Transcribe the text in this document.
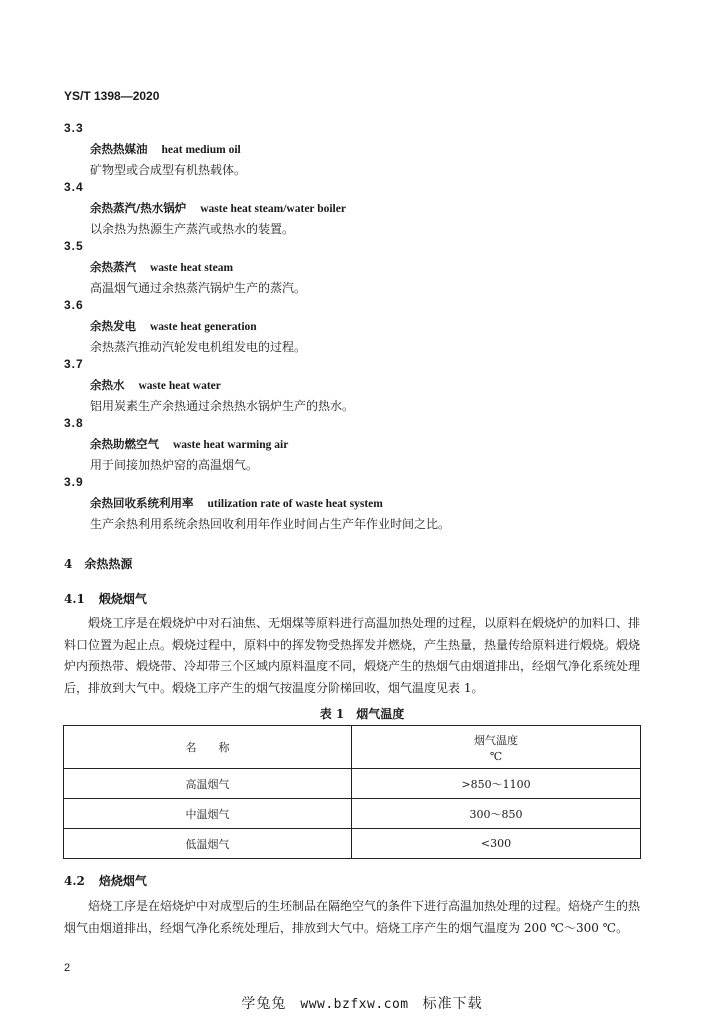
YS/T 1398—2020
3.3
余热热媒油 heat medium oil
矿物型或合成型有机热载体。
3.4
余热蒸汽/热水锅炉 waste heat steam/water boiler
以余热为热源生产蒸汽或热水的装置。
3.5
余热蒸汽 waste heat steam
高温烟气通过余热蒸汽锅炉生产的蒸汽。
3.6
余热发电 waste heat generation
余热蒸汽推动汽轮发电机组发电的过程。
3.7
余热水 waste heat water
铝用炭素生产余热通过余热热水锅炉生产的热水。
3.8
余热助燃空气 waste heat warming air
用于间接加热炉窑的高温烟气。
3.9
余热回收系统利用率 utilization rate of waste heat system
生产余热利用系统余热回收利用年作业时间占生产年作业时间之比。
4 余热热源
4.1 煅烧烟气
煅烧工序是在煅烧炉中对石油焦、无烟煤等原料进行高温加热处理的过程，以原料在煅烧炉的加料口、排料口位置为起止点。煅烧过程中，原料中的挥发物受热挥发并燃烧，产生热量，热量传给原料进行煅烧。煅烧炉内预热带、煅烧带、冷却带三个区域内原料温度不同，煅烧产生的热烟气由烟道排出，经烟气净化系统处理后，排放到大气中。煅烧工序产生的烟气按温度分阶梯回收，烟气温度见表 1。
表 1 烟气温度
名　　称	烟气温度
℃

高温烟气	>850～1100
中温烟气	300～850
低温烟气	<300
4.2 焙烧烟气
焙烧工序是在焙烧炉中对成型后的生坯制品在隔绝空气的条件下进行高温加热处理的过程。焙烧产生的热烟气由烟道排出，经烟气净化系统处理后，排放到大气中。焙烧工序产生的烟气温度为 200 ℃～300 ℃。
2
学兔兔 www.bzfxw.com 标准下载
